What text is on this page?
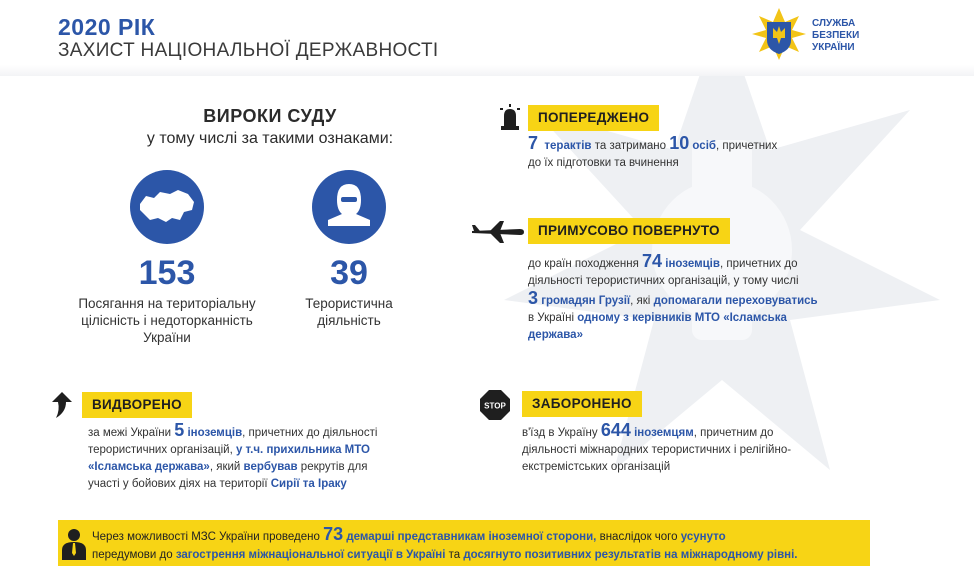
2020 РІК
ЗАХИСТ НАЦІОНАЛЬНОЇ ДЕРЖАВНОСТІ
СЛУЖБА
БЕЗПЕКИ
УКРАЇНИ
ВИРОКИ СУДУ
у тому числі за такими ознаками:
153
Посягання на територіальну
цілісність і недоторканність
України
39
Терористична
діяльність
ПОПЕРЕДЖЕНО
7 терактів та затримано 10 осіб, причетних
до їх підготовки та вчинення
ПРИМУСОВО ПОВЕРНУТО
до країн походження 74 іноземців, причетних до
діяльності терористичних організацій, у тому числі
3 громадян Грузії, які допомагали переховуватись
в Україні одному з керівників МТО «Ісламська
держава»
ВИДВОРЕНО
за межі України 5 іноземців, причетних до діяльності
терористичних організацій, у т.ч. прихильника МТО
«Ісламська держава», який вербував рекрутів для
участі у бойових діях на території Сирії та Іраку
STOP	ЗАБОРОНЕНО
в'їзд в Україну 644 іноземцям, причетним до
діяльності міжнародних терористичних і релігійно-
екстремістських організацій
Через можливості МЗС України проведено 73 демарші представникам іноземної сторони, внаслідок чого усунуто
передумови до загострення міжнаціональної ситуації в Україні та досягнуто позитивних результатів на міжнародному рівні.
